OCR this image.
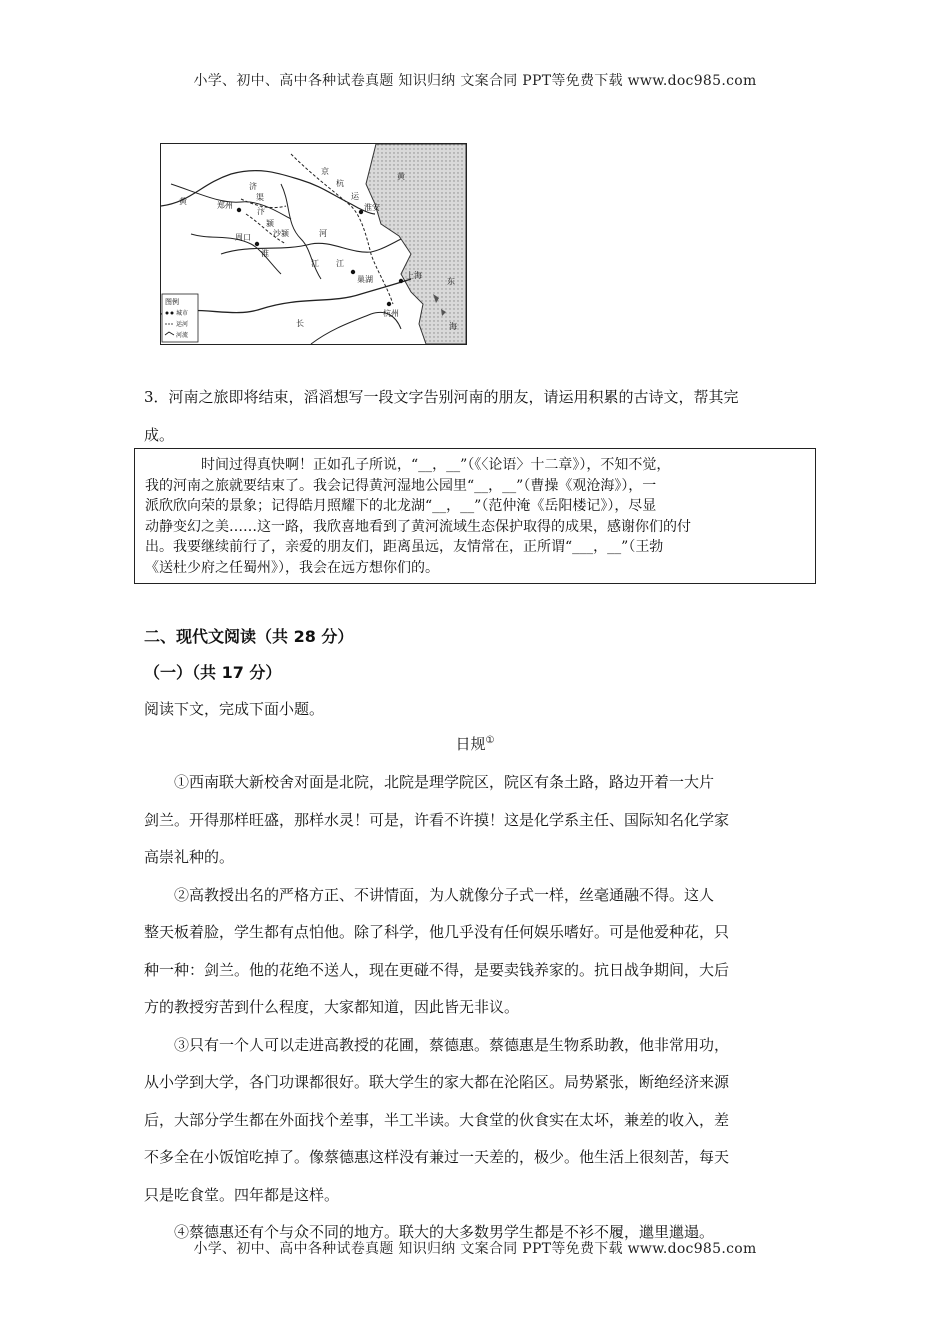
小学、初中、高中各种试卷真题 知识归纳 文案合同 PPT等免费下载 www.doc985.com
黄
济
渠
郑州
汴
周口
颍
沙颍
淮
河
江 江
京
杭
运
淮安
上海
巢湖
杭州
长
黄
东
海
图例
城市
运河
河流
3．河南之旅即将结束，滔滔想写一段文字告别河南的朋友，请运用积累的古诗文，帮其完
成。
时间过得真快啊！正如孔子所说，“__，__”（《〈论语〉十二章》），不知不觉，
我的河南之旅就要结束了。我会记得黄河湿地公园里“__，__”（曹操《观沧海》），一
派欣欣向荣的景象；记得皓月照耀下的北龙湖“__，__”（范仲淹《岳阳楼记》），尽显
动静变幻之美……这一路，我欣喜地看到了黄河流域生态保护取得的成果，感谢你们的付
出。我要继续前行了，亲爱的朋友们，距离虽远，友情常在，正所谓“___，__”（王勃
《送杜少府之任蜀州》），我会在远方想你们的。
二、现代文阅读（共 28 分）
（一）（共 17 分）
阅读下文，完成下面小题。
日规①
①西南联大新校舍对面是北院，北院是理学院区，院区有条土路，路边开着一大片
剑兰。开得那样旺盛，那样水灵！可是，许看不许摸！这是化学系主任、国际知名化学家
高崇礼种的。
②高教授出名的严格方正、不讲情面，为人就像分子式一样，丝毫通融不得。这人
整天板着脸，学生都有点怕他。除了科学，他几乎没有任何娱乐嗜好。可是他爱种花，只
种一种：剑兰。他的花绝不送人，现在更碰不得，是要卖钱养家的。抗日战争期间，大后
方的教授穷苦到什么程度，大家都知道，因此皆无非议。
③只有一个人可以走进高教授的花圃，蔡德惠。蔡德惠是生物系助教，他非常用功，
从小学到大学，各门功课都很好。联大学生的家大都在沦陷区。局势紧张，断绝经济来源
后，大部分学生都在外面找个差事，半工半读。大食堂的伙食实在太坏，兼差的收入，差
不多全在小饭馆吃掉了。像蔡德惠这样没有兼过一天差的，极少。他生活上很刻苦，每天
只是吃食堂。四年都是这样。
④蔡德惠还有个与众不同的地方。联大的大多数男学生都是不衫不履，邋里邋遢。
小学、初中、高中各种试卷真题 知识归纳 文案合同 PPT等免费下载 www.doc985.com
